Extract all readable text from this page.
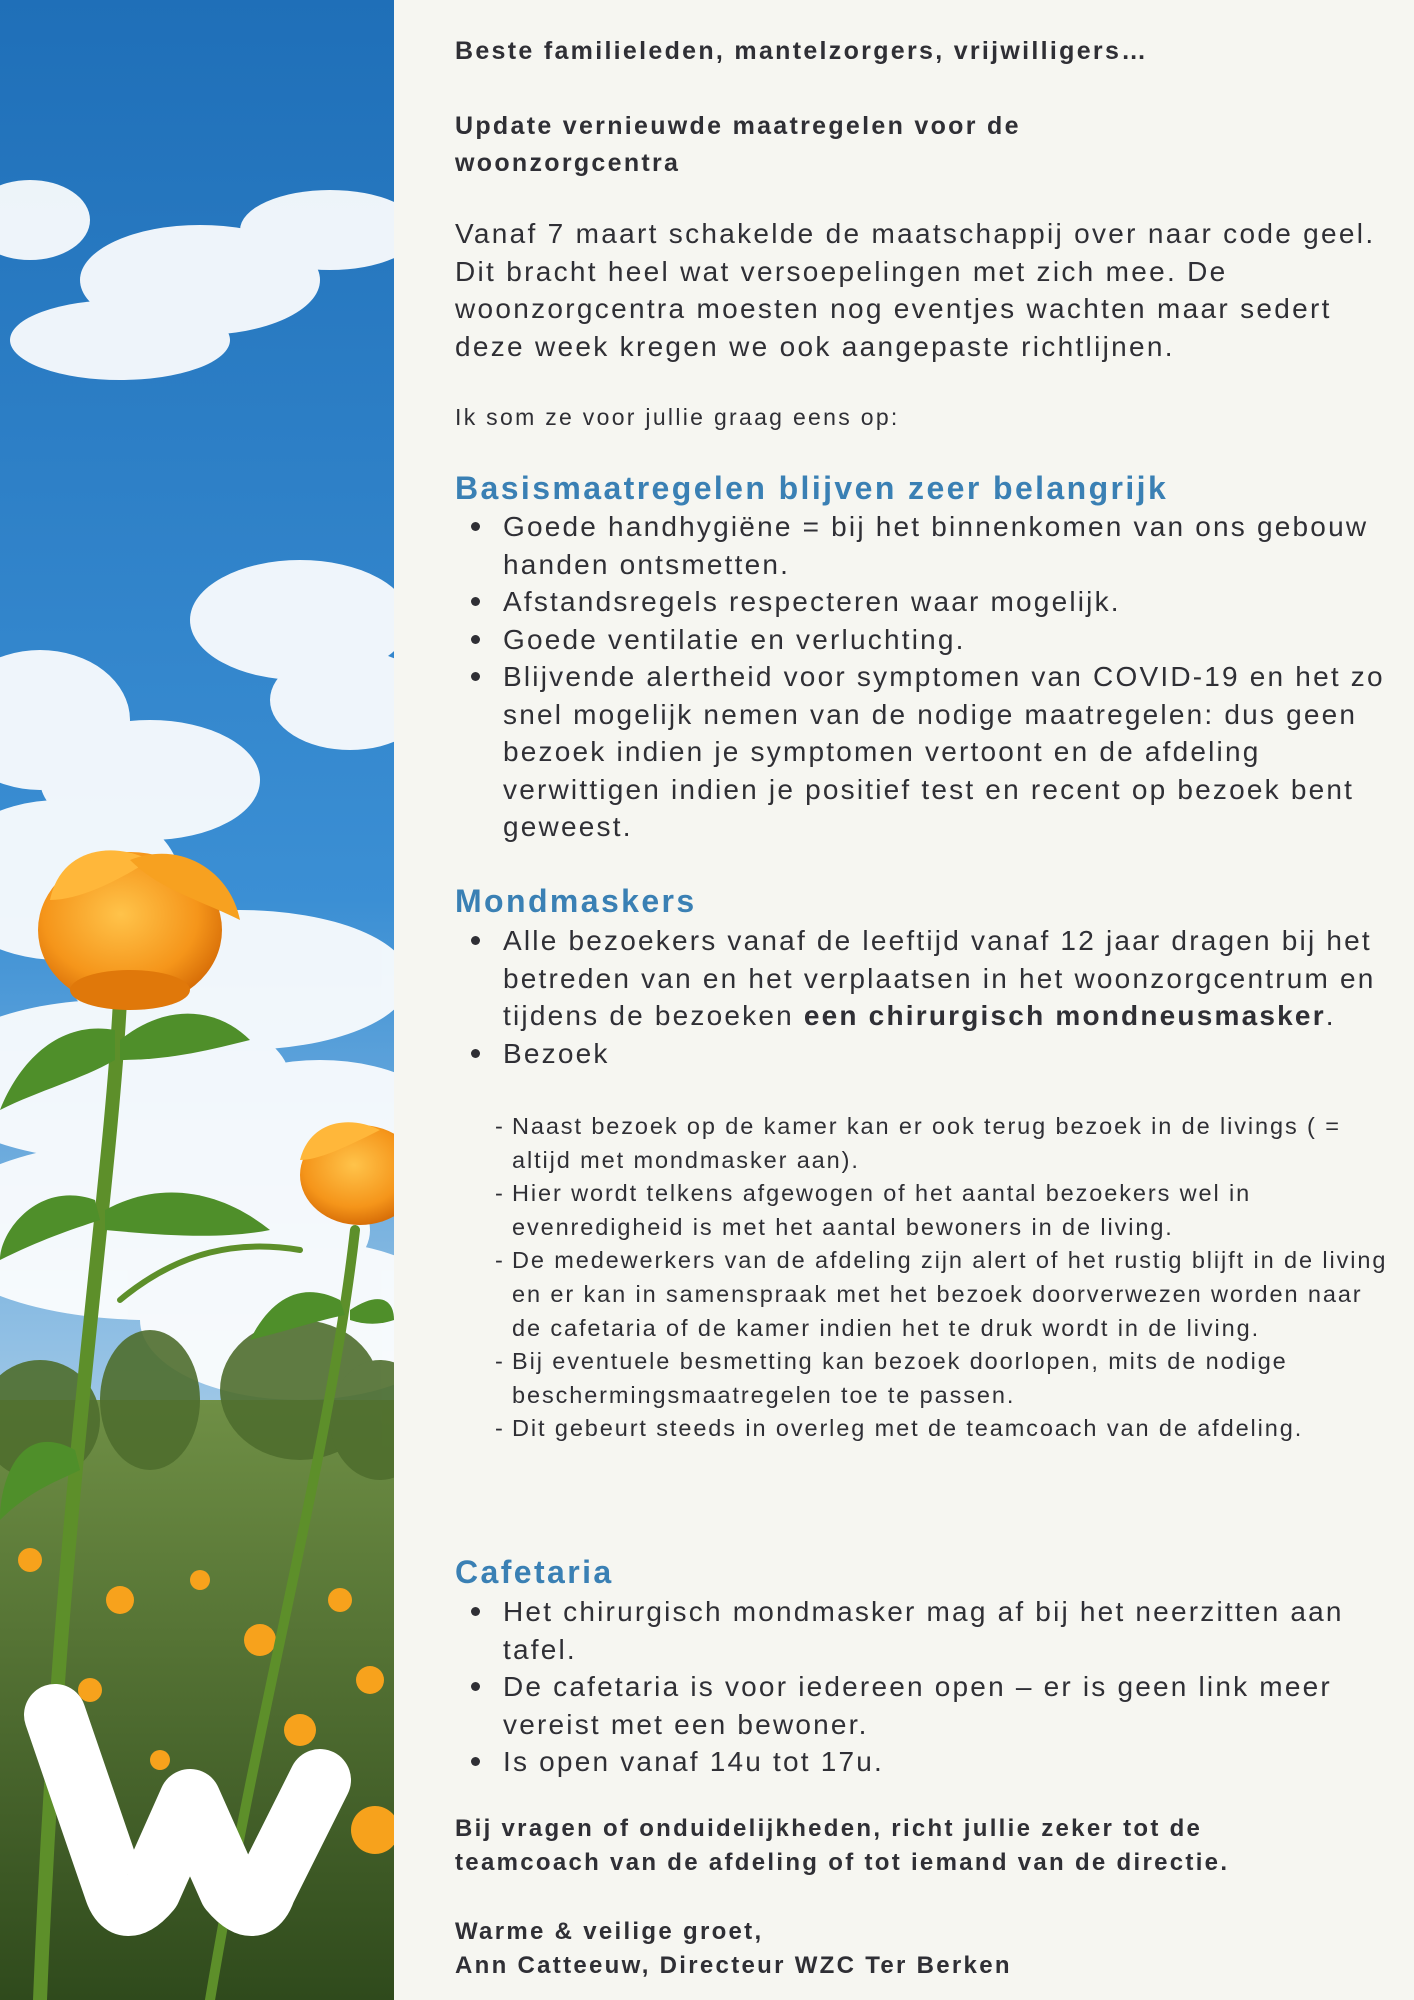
Beste familieleden, mantelzorgers, vrijwilligers…

Update vernieuwde maatregelen voor de woonzorgcentra

Vanaf 7 maart schakelde de maatschappij over naar code geel. Dit bracht heel wat versoepelingen met zich mee. De woonzorgcentra moesten nog eventjes wachten maar sedert deze week kregen we ook aangepaste richtlijnen.

Ik som ze voor jullie graag eens op:

Basismaatregelen blijven zeer belangrijk
Goede handhygiëne = bij het binnenkomen van ons gebouw handen ontsmetten.
Afstandsregels respecteren waar mogelijk.
Goede ventilatie en verluchting.
Blijvende alertheid voor symptomen van COVID-19 en het zo snel mogelijk nemen van de nodige maatregelen: dus geen bezoek indien je symptomen vertoont en de afdeling verwittigen indien je positief test en recent op bezoek bent geweest.
Mondmaskers
Alle bezoekers vanaf de leeftijd vanaf 12 jaar dragen bij het betreden van en het verplaatsen in het woonzorgcentrum en tijdens de bezoeken een chirurgisch mondneusmasker.
Bezoek
- Naast bezoek op de kamer kan er ook terug bezoek in de livings ( = altijd met mondmasker aan).
- Hier wordt telkens afgewogen of het aantal bezoekers wel in evenredigheid is met het aantal bewoners in de living.
- De medewerkers van de afdeling zijn alert of het rustig blijft in de living en er kan in samenspraak met het bezoek doorverwezen worden naar de cafetaria of de kamer indien het te druk wordt in de living.
- Bij eventuele besmetting kan bezoek doorlopen, mits de nodige beschermingsmaatregelen toe te passen.
- Dit gebeurt steeds in overleg met de teamcoach van de afdeling.
Cafetaria
Het chirurgisch mondmasker mag af bij het neerzitten aan tafel.
De cafetaria is voor iedereen open – er is geen link meer vereist met een bewoner.
Is open vanaf 14u tot 17u.

Bij vragen of onduidelijkheden, richt jullie zeker tot de teamcoach van de afdeling of tot iemand van de directie.

Warme & veilige groet,

Ann Catteeuw, Directeur WZC Ter Berken
